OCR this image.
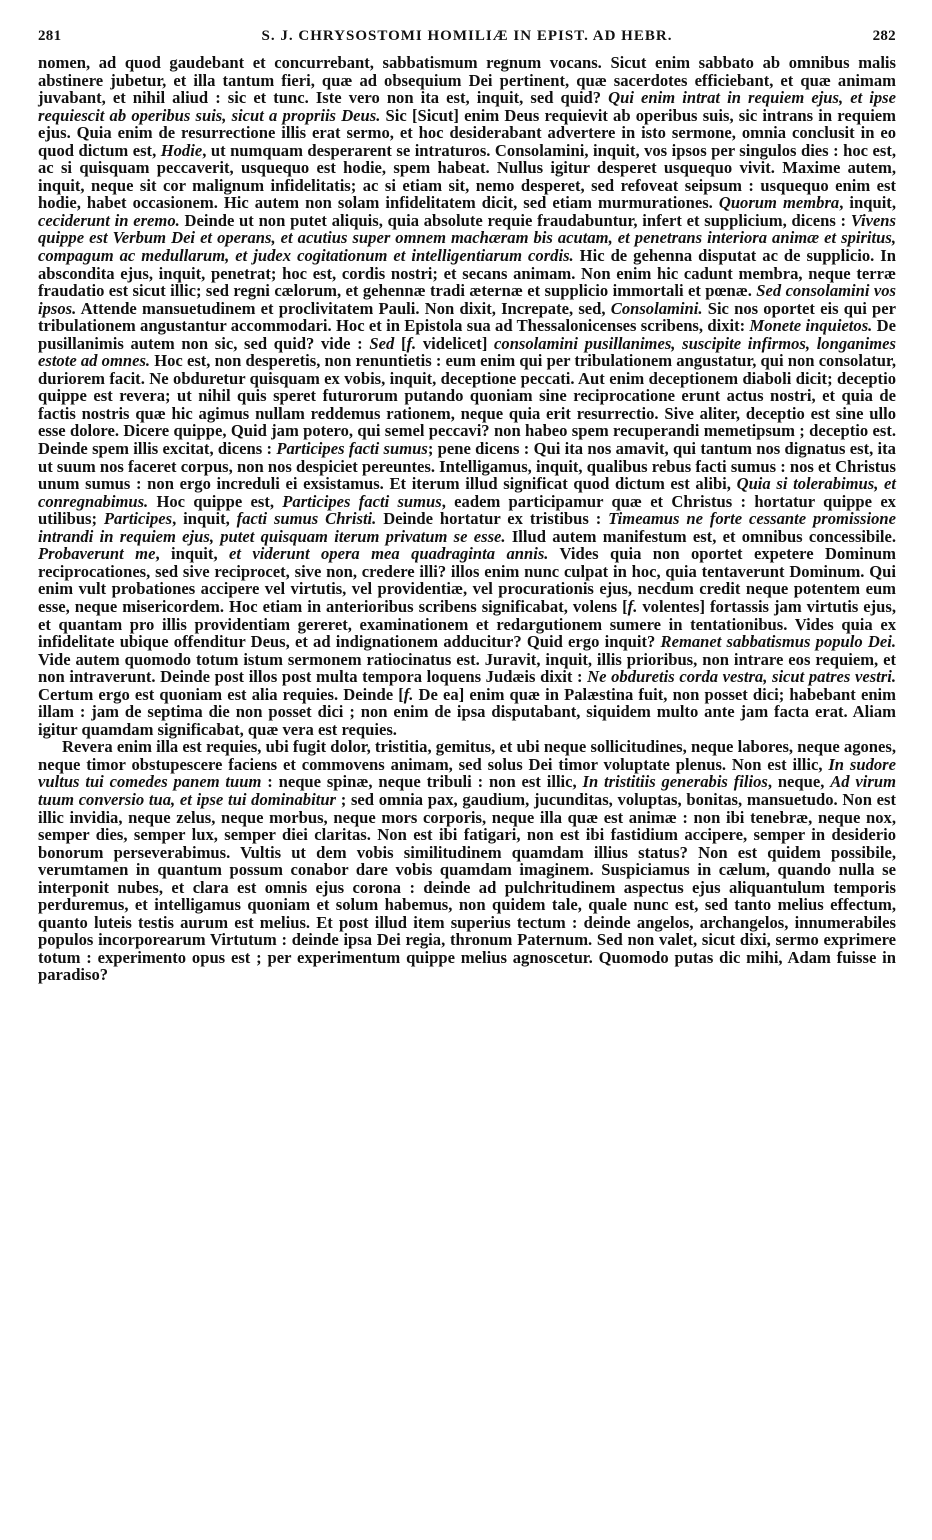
281	S. J. CHRYSOSTOMI HOMILIÆ IN EPIST. AD HEBR.	282

nomen, ad quod gaudebant et concurrebant, sabbatismum regnum vocans. Sicut enim sabbato ab omnibus malis abstinere jubetur, et illa tantum fieri, quæ ad obsequium Dei pertinent, quæ sacerdotes efficiebant, et quæ animam juvabant, et nihil aliud : sic et tunc. Iste vero non ita est, inquit, sed quid? Qui enim intrat in requiem ejus, et ipse requiescit ab operibus suis, sicut a propriis Deus. Sic [Sicut] enim Deus requievit ab operibus suis, sic intrans in requiem ejus. Quia enim de resurrectione illis erat sermo, et hoc desiderabant advertere in isto sermone, omnia conclusit in eo quod dictum est, Hodie, ut numquam desperarent se intraturos. Consolamini, inquit, vos ipsos per singulos dies : hoc est, ac si quisquam peccaverit, usquequo est hodie, spem habeat. Nullus igitur desperet usquequo vivit. Maxime autem, inquit, neque sit cor malignum infidelitatis; ac si etiam sit, nemo desperet, sed refoveat seipsum : usquequo enim est hodie, habet occasionem. Hic autem non solam infidelitatem dicit, sed etiam murmurationes. Quorum membra, inquit, ceciderunt in eremo. Deinde ut non putet aliquis, quia absolute requie fraudabuntur, infert et supplicium, dicens : Vivens quippe est Verbum Dei et operans, et acutius super omnem machæram bis acutam, et penetrans interiora animæ et spiritus, compagum ac medullarum, et judex cogitationum et intelligentiarum cordis. Hic de gehenna disputat ac de supplicio. In abscondita ejus, inquit, penetrat; hoc est, cordis nostri; et secans animam. Non enim hic cadunt membra, neque terræ fraudatio est sicut illic; sed regni cælorum, et gehennæ tradi æternæ et supplicio immortali et pœnæ. Sed consolamini vos ipsos. Attende mansuetudinem et proclivitatem Pauli. Non dixit, Increpate, sed, Consolamini. Sic nos oportet eis qui per tribulationem angustantur accommodari. Hoc et in Epistola sua ad Thessalonicenses scribens, dixit: Monete inquietos. De pusillanimis autem non sic, sed quid? vide : Sed [f. videlicet] consolamini pusillanimes, suscipite infirmos, longanimes estote ad omnes. Hoc est, non desperetis, non renuntietis : eum enim qui per tribulationem angustatur, qui non consolatur, duriorem facit. Ne obduretur quisquam ex vobis, inquit, deceptione peccati. Aut enim deceptionem diaboli dicit; deceptio quippe est revera; ut nihil quis speret futurorum putando quoniam sine reciprocatione erunt actus nostri, et quia de factis nostris quæ hic agimus nullam reddemus rationem, neque quia erit resurrectio. Sive aliter, deceptio est sine ullo esse dolore. Dicere quippe, Quid jam potero, qui semel peccavi? non habeo spem recuperandi memetipsum ; deceptio est. Deinde spem illis excitat, dicens : Participes facti sumus; pene dicens : Qui ita nos amavit, qui tantum nos dignatus est, ita ut suum nos faceret corpus, non nos despiciet pereuntes. Intelligamus, inquit, qualibus rebus facti sumus : nos et Christus unum sumus : non ergo increduli ei exsistamus. Et iterum illud significat quod dictum est alibi, Quia si tolerabimus, et conregnabimus. Hoc quippe est, Participes facti sumus, eadem participamur quæ et Christus : hortatur quippe ex utilibus; Participes, inquit, facti sumus Christi. Deinde hortatur ex tristibus : Timeamus ne forte cessante promissione intrandi in requiem ejus, putet quisquam iterum privatum se esse. Illud autem manifestum est, et omnibus concessibile. Probaverunt me, inquit, et viderunt opera mea quadraginta annis. Vides quia non oportet expetere Dominum reciprocationes, sed sive reciprocet, sive non, credere illi? illos enim nunc culpat in hoc, quia tentaverunt Dominum. Qui enim vult probationes accipere vel virtutis, vel providentiæ, vel procurationis ejus, necdum credit neque potentem eum esse, neque misericordem. Hoc etiam in anterioribus scribens significabat, volens [f. volentes] fortassis jam virtutis ejus, et quantam pro illis providentiam gereret, examinationem et redargutionem sumere in tentationibus. Vides quia ex infidelitate ubique offenditur Deus, et ad indignationem adducitur? Quid ergo inquit? Remanet sabbatismus populo Dei. Vide autem quomodo totum istum sermonem ratiocinatus est. Juravit, inquit, illis prioribus, non intrare eos requiem, et non intraverunt. Deinde post illos post multa tempora loquens Judæis dixit : Ne obduretis corda vestra, sicut patres vestri. Certum ergo est quoniam est alia requies. Deinde [f. De ea] enim quæ in Palæstina fuit, non posset dici; habebant enim illam : jam de septima die non posset dici ; non enim de ipsa disputabant, siquidem multo ante jam facta erat. Aliam igitur quamdam significabat, quæ vera est requies.

Revera enim illa est requies, ubi fugit dolor, tristitia, gemitus, et ubi neque sollicitudines, neque labores, neque agones, neque timor obstupescere faciens et commovens animam, sed solus Dei timor voluptate plenus. Non est illic, In sudore vultus tui comedes panem tuum : neque spinæ, neque tribuli : non est illic, In tristitiis generabis filios, neque, Ad virum tuum conversio tua, et ipse tui dominabitur ; sed omnia pax, gaudium, jucunditas, voluptas, bonitas, mansuetudo. Non est illic invidia, neque zelus, neque morbus, neque mors corporis, neque illa quæ est animæ : non ibi tenebræ, neque nox, semper dies, semper lux, semper diei claritas. Non est ibi fatigari, non est ibi fastidium accipere, semper in desiderio bonorum perseverabimus. Vultis ut dem vobis similitudinem quamdam illius status? Non est quidem possibile, verumtamen in quantum possum conabor dare vobis quamdam imaginem. Suspiciamus in cælum, quando nulla se interponit nubes, et clara est omnis ejus corona : deinde ad pulchritudinem aspectus ejus aliquantulum temporis perduremus, et intelligamus quoniam et solum habemus, non quidem tale, quale nunc est, sed tanto melius effectum, quanto luteis testis aurum est melius. Et post illud item superius tectum : deinde angelos, archangelos, innumerabiles populos incorporearum Virtutum : deinde ipsa Dei regia, thronum Paternum. Sed non valet, sicut dixi, sermo exprimere totum : experimento opus est ; per experimentum quippe melius agnoscetur. Quomodo putas dic mihi, Adam fuisse in paradiso?
